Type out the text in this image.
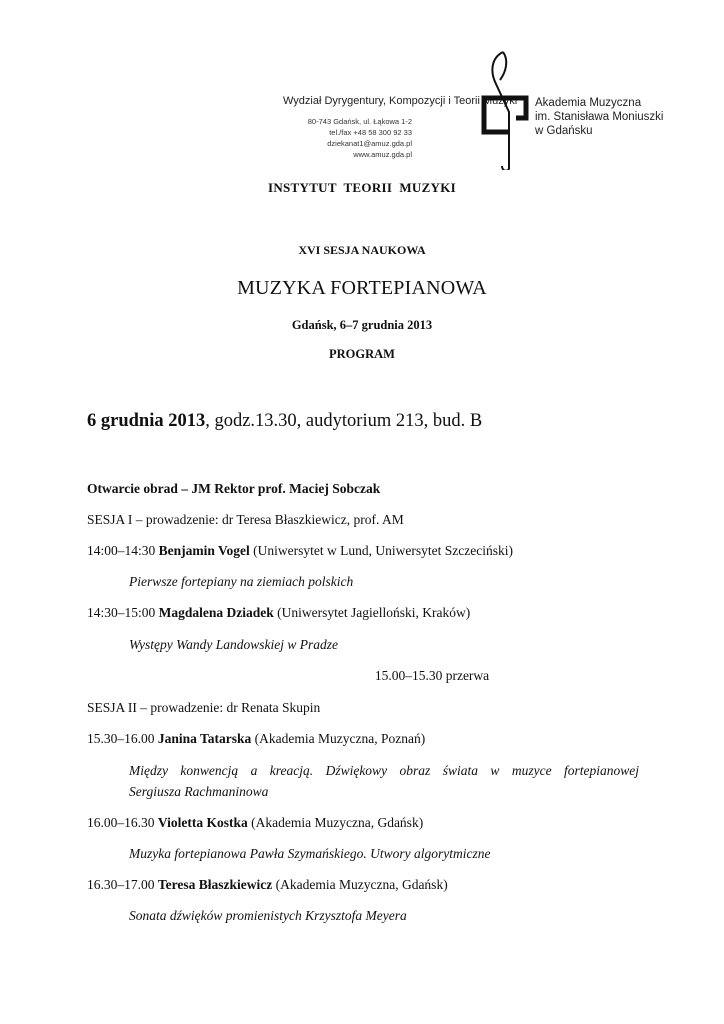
Wydział Dyrygentury, Kompozycji i Teorii Muzyki
80-743 Gdańsk, ul. Łąkowa 1-2
tel./fax +48 58 300 92 33
dziekanat1@amuz.gda.pl
www.amuz.gda.pl
Akademia Muzyczna
im. Stanisława Moniuszki
w Gdańsku
INSTYTUT  TEORII  MUZYKI
XVI SESJA NAUKOWA
MUZYKA FORTEPIANOWA
Gdańsk, 6–7 grudnia 2013
PROGRAM
6 grudnia 2013, godz.13.30, audytorium 213, bud. B
Otwarcie obrad – JM Rektor prof. Maciej Sobczak
SESJA I – prowadzenie: dr Teresa Błaszkiewicz, prof. AM
14:00–14:30 Benjamin Vogel (Uniwersytet w Lund, Uniwersytet Szczeciński)
Pierwsze fortepiany na ziemiach polskich
14:30–15:00 Magdalena Dziadek (Uniwersytet Jagielloński, Kraków)
Występy Wandy Landowskiej w Pradze
15.00–15.30 przerwa
SESJA II – prowadzenie: dr Renata Skupin
15.30–16.00 Janina Tatarska (Akademia Muzyczna, Poznań)
Między konwencją a kreacją. Dźwiękowy obraz świata w muzyce fortepianowej
Sergiusza Rachmaninowa
16.00–16.30 Violetta Kostka (Akademia Muzyczna, Gdańsk)
Muzyka fortepianowa Pawła Szymańskiego. Utwory algorytmiczne
16.30–17.00 Teresa Błaszkiewicz (Akademia Muzyczna, Gdańsk)
Sonata dźwięków promienistych Krzysztofa Meyera
